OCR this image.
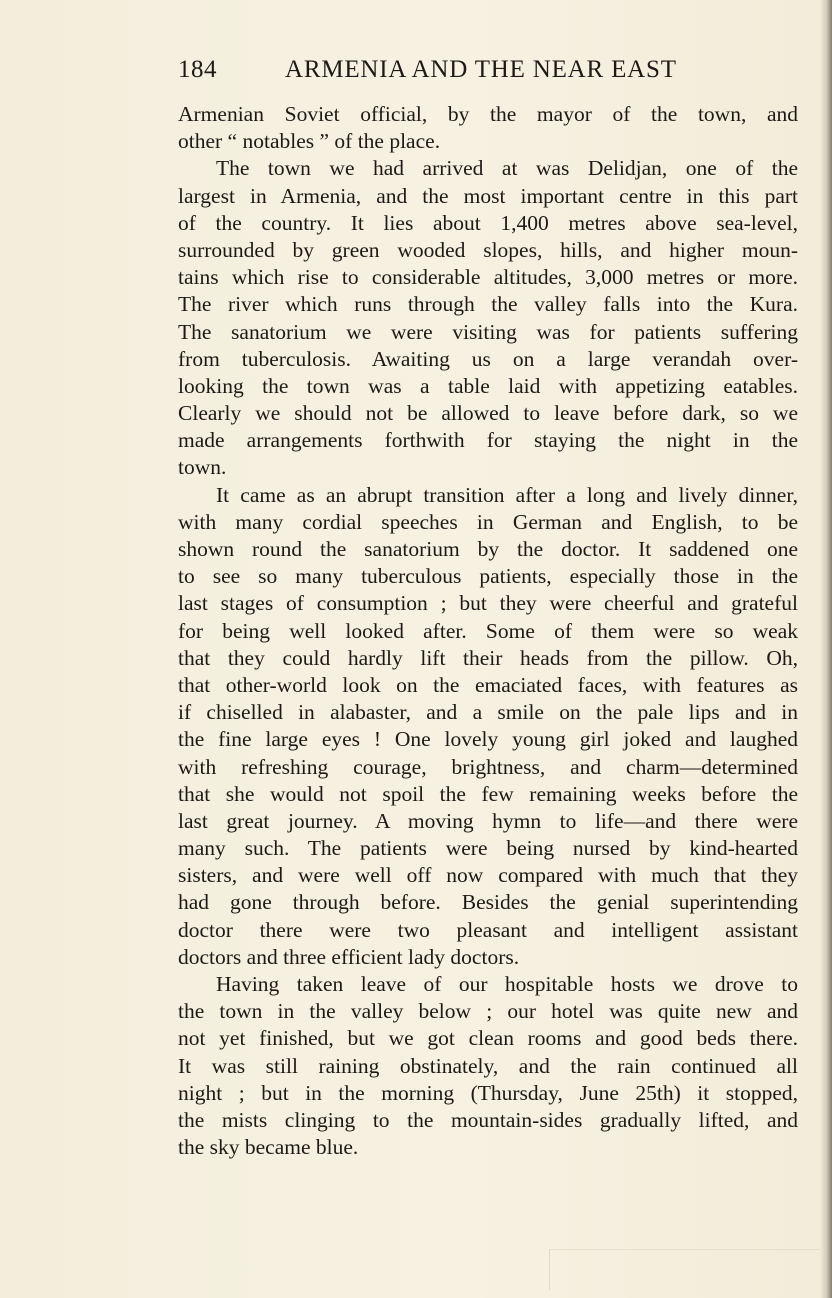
184	ARMENIA AND THE NEAR EAST
Armenian Soviet official, by the mayor of the town, and
other “ notables ” of the place.
The town we had arrived at was Delidjan, one of the
largest in Armenia, and the most important centre in this part
of the country. It lies about 1,400 metres above sea-level,
surrounded by green wooded slopes, hills, and higher moun-
tains which rise to considerable altitudes, 3,000 metres or more.
The river which runs through the valley falls into the Kura.
The sanatorium we were visiting was for patients suffering
from tuberculosis. Awaiting us on a large verandah over-
looking the town was a table laid with appetizing eatables.
Clearly we should not be allowed to leave before dark, so we
made arrangements forthwith for staying the night in the
town.
It came as an abrupt transition after a long and lively dinner,
with many cordial speeches in German and English, to be
shown round the sanatorium by the doctor. It saddened one
to see so many tuberculous patients, especially those in the
last stages of consumption ; but they were cheerful and grateful
for being well looked after. Some of them were so weak
that they could hardly lift their heads from the pillow. Oh,
that other-world look on the emaciated faces, with features as
if chiselled in alabaster, and a smile on the pale lips and in
the fine large eyes ! One lovely young girl joked and laughed
with refreshing courage, brightness, and charm—determined
that she would not spoil the few remaining weeks before the
last great journey. A moving hymn to life—and there were
many such. The patients were being nursed by kind-hearted
sisters, and were well off now compared with much that they
had gone through before. Besides the genial superintending
doctor there were two pleasant and intelligent assistant
doctors and three efficient lady doctors.
Having taken leave of our hospitable hosts we drove to
the town in the valley below ; our hotel was quite new and
not yet finished, but we got clean rooms and good beds there.
It was still raining obstinately, and the rain continued all
night ; but in the morning (Thursday, June 25th) it stopped,
the mists clinging to the mountain-sides gradually lifted, and
the sky became blue.
